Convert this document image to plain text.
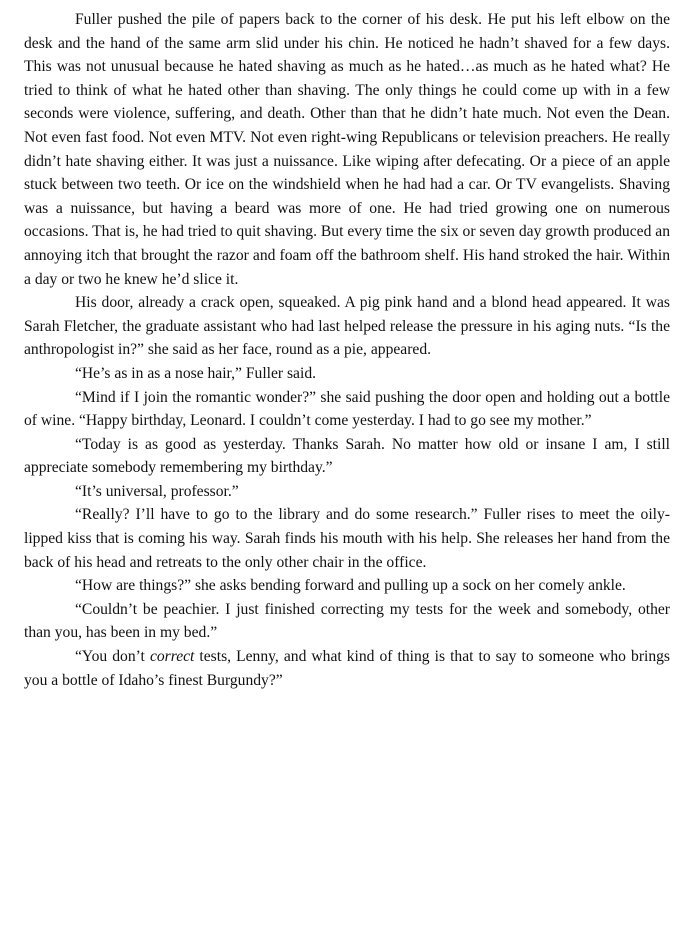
Fuller pushed the pile of papers back to the corner of his desk. He put his left elbow on the desk and the hand of the same arm slid under his chin. He noticed he hadn’t shaved for a few days. This was not unusual because he hated shaving as much as he hated…as much as he hated what? He tried to think of what he hated other than shaving. The only things he could come up with in a few seconds were violence, suffering, and death. Other than that he didn’t hate much. Not even the Dean. Not even fast food. Not even MTV. Not even right-wing Republicans or television preachers. He really didn’t hate shaving either. It was just a nuissance. Like wiping after defecating. Or a piece of an apple stuck between two teeth. Or ice on the windshield when he had had a car. Or TV evangelists. Shaving was a nuissance, but having a beard was more of one. He had tried growing one on numerous occasions. That is, he had tried to quit shaving. But every time the six or seven day growth produced an annoying itch that brought the razor and foam off the bathroom shelf. His hand stroked the hair. Within a day or two he knew he’d slice it.

His door, already a crack open, squeaked. A pig pink hand and a blond head appeared. It was Sarah Fletcher, the graduate assistant who had last helped release the pressure in his aging nuts. “Is the anthropologist in?” she said as her face, round as a pie, appeared.

“He’s as in as a nose hair,” Fuller said.

“Mind if I join the romantic wonder?” she said pushing the door open and holding out a bottle of wine. “Happy birthday, Leonard. I couldn’t come yesterday. I had to go see my mother.”

“Today is as good as yesterday. Thanks Sarah. No matter how old or insane I am, I still appreciate somebody remembering my birthday.”

“It’s universal, professor.”

“Really? I’ll have to go to the library and do some research.” Fuller rises to meet the oily-lipped kiss that is coming his way. Sarah finds his mouth with his help. She releases her hand from the back of his head and retreats to the only other chair in the office.

“How are things?” she asks bending forward and pulling up a sock on her comely ankle.

“Couldn’t be peachier. I just finished correcting my tests for the week and somebody, other than you, has been in my bed.”

“You don’t correct tests, Lenny, and what kind of thing is that to say to someone who brings you a bottle of Idaho’s finest Burgundy?”
